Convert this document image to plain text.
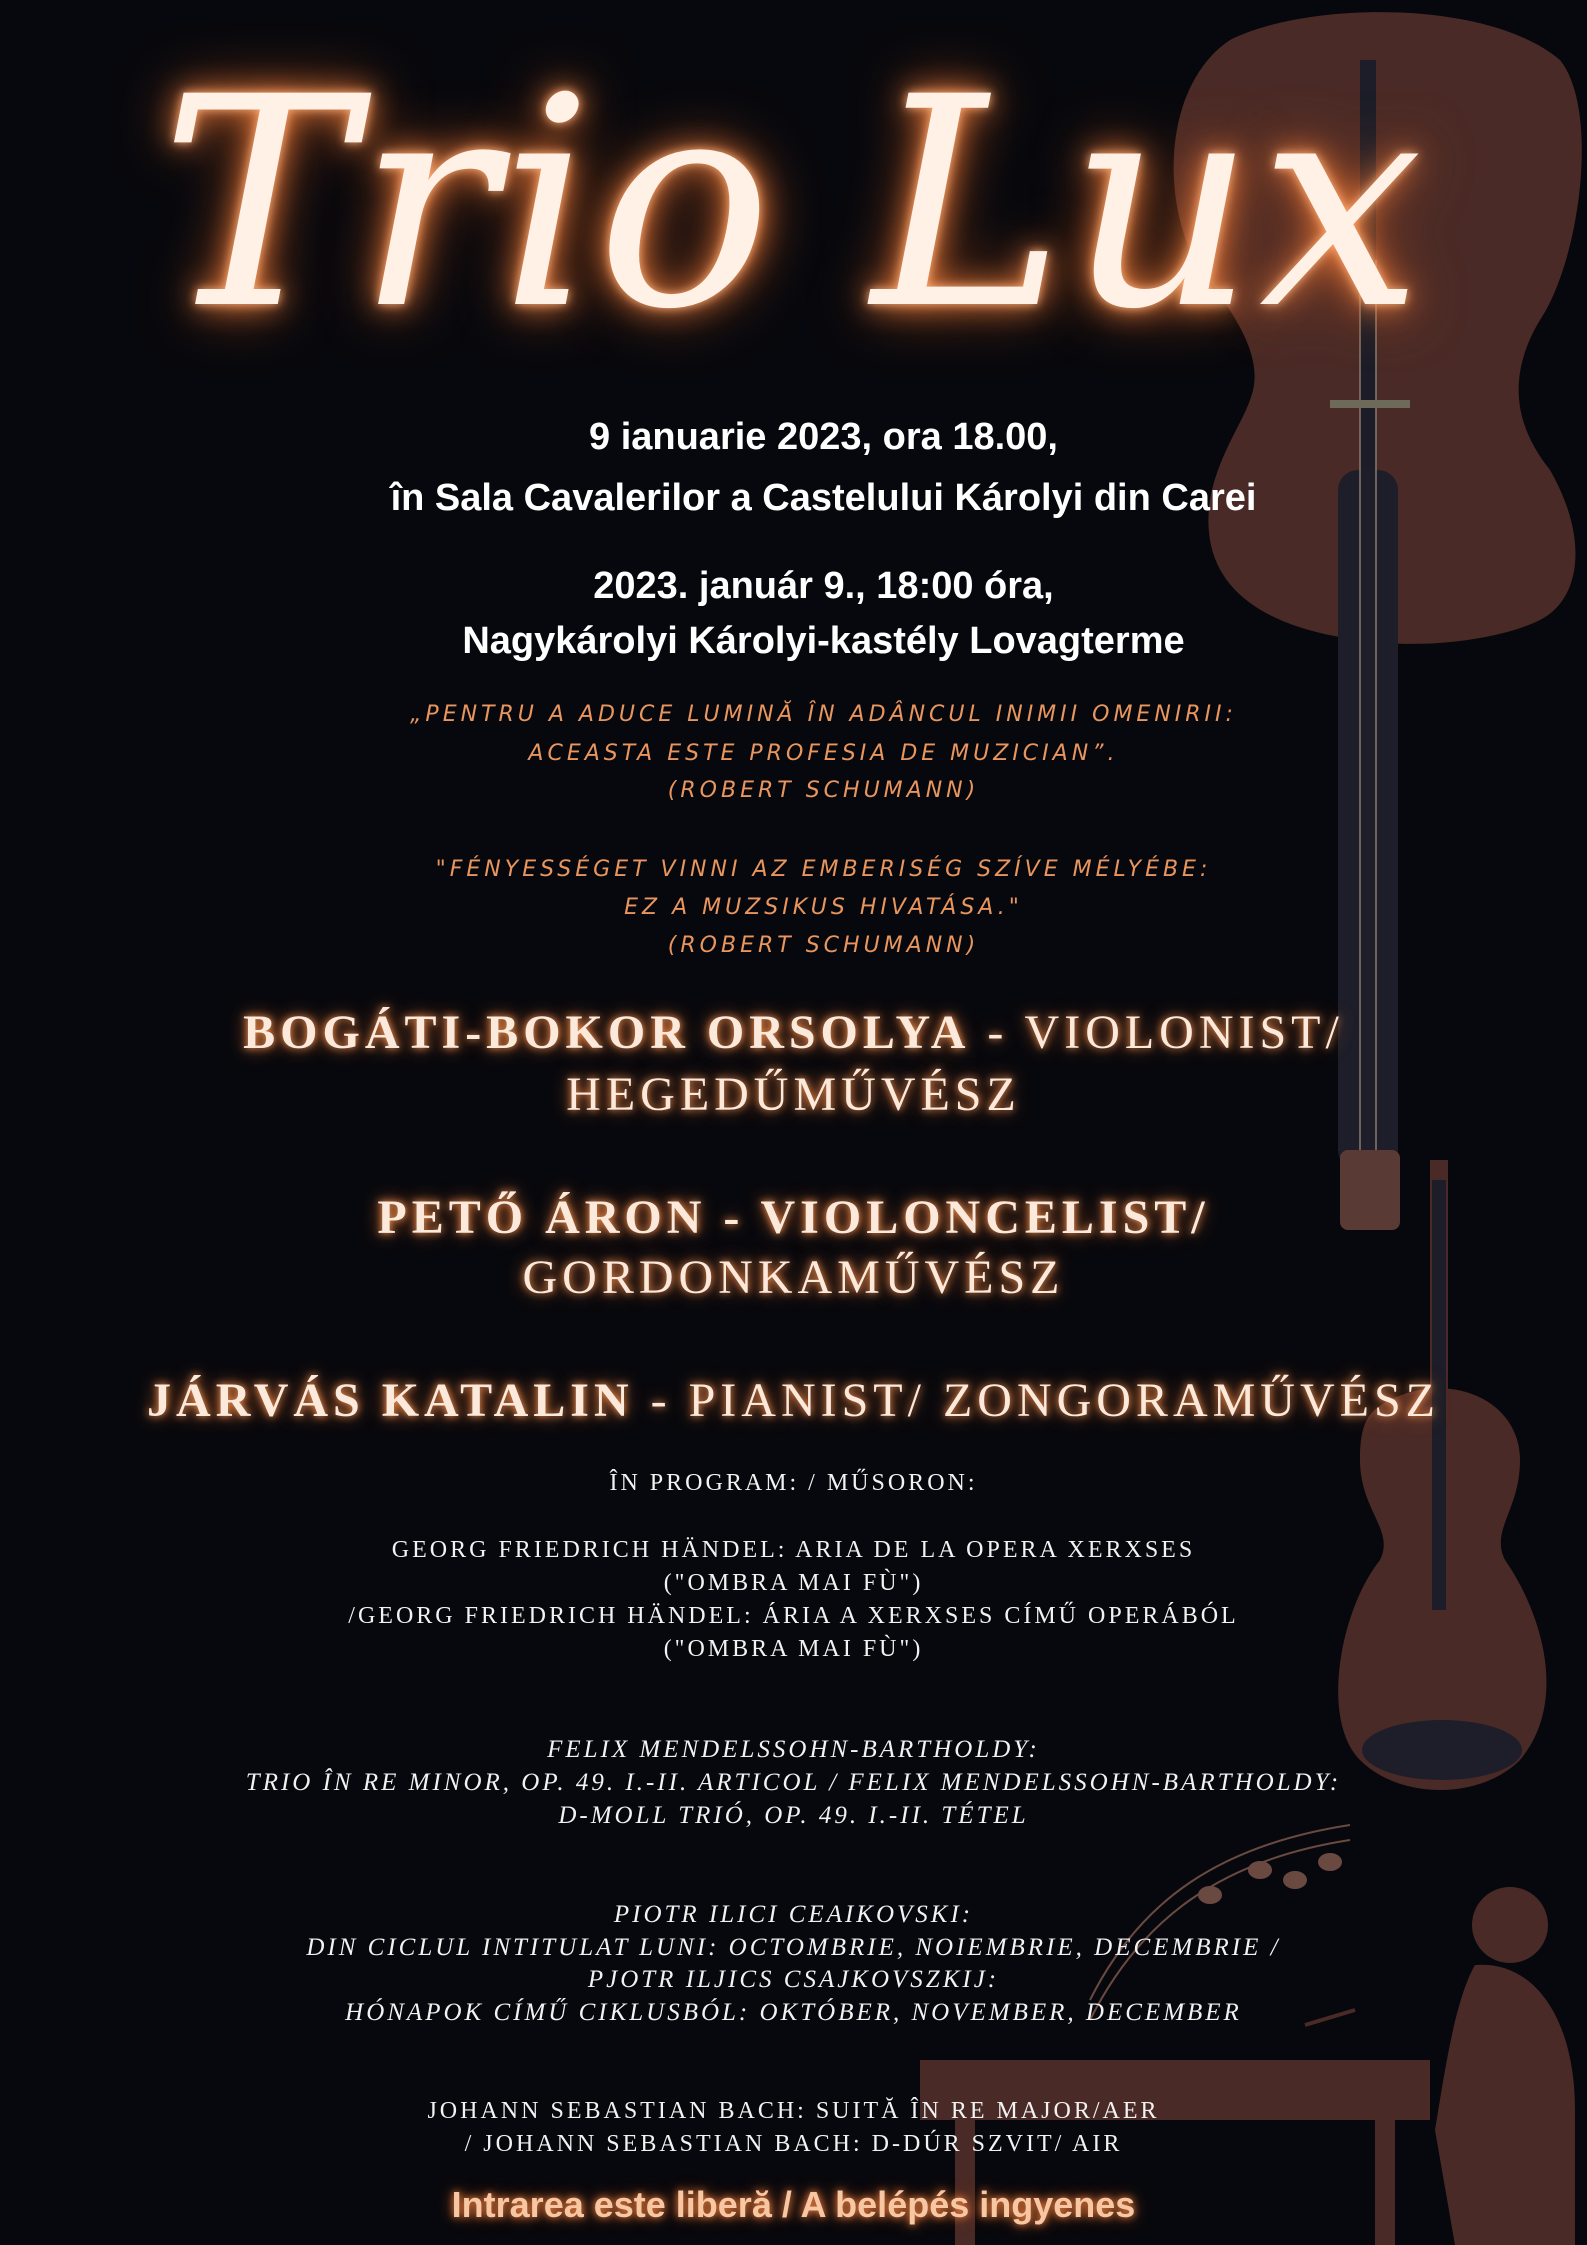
Trio Lux
9 ianuarie 2023, ora 18.00,
în Sala Cavalerilor a Castelului Károlyi din Carei
2023. január 9., 18:00 óra,
Nagykárolyi Károlyi-kastély Lovagterme
„PENTRU A ADUCE LUMINĂ ÎN ADÂNCUL INIMII OMENIRII:
ACEASTA ESTE PROFESIA DE MUZICIAN”.
(ROBERT SCHUMANN)
"FÉNYESSÉGET VINNI AZ EMBERISÉG SZÍVE MÉLYÉBE:
EZ A MUZSIKUS HIVATÁSA."
(ROBERT SCHUMANN)
BOGÁTI-BOKOR ORSOLYA - VIOLONIST/
HEGEDŰMŰVÉSZ
PETŐ ÁRON - VIOLONCELIST/
GORDONKAMŰVÉSZ
JÁRVÁS KATALIN - PIANIST/ ZONGORAMŰVÉSZ
ÎN PROGRAM: / MŰSORON:
GEORG FRIEDRICH HÄNDEL: ARIA DE LA OPERA XERXSES
("OMBRA MAI FÙ")
/GEORG FRIEDRICH HÄNDEL: ÁRIA A XERXSES CÍMŰ OPERÁBÓL
("OMBRA MAI FÙ")
FELIX MENDELSSOHN-BARTHOLDY:
TRIO ÎN RE MINOR, OP. 49. I.-II. ARTICOL / FELIX MENDELSSOHN-BARTHOLDY:
D-MOLL TRIÓ, OP. 49. I.-II. TÉTEL
PIOTR ILICI CEAIKOVSKI:
DIN CICLUL INTITULAT LUNI: OCTOMBRIE, NOIEMBRIE, DECEMBRIE /
PJOTR ILJICS CSAJKOVSZKIJ:
HÓNAPOK CÍMŰ CIKLUSBÓL: OKTÓBER, NOVEMBER, DECEMBER
JOHANN SEBASTIAN BACH: SUITĂ ÎN RE MAJOR/AER
/ JOHANN SEBASTIAN BACH: D-DÚR SZVIT/ AIR
Intrarea este liberă / A belépés ingyenes
